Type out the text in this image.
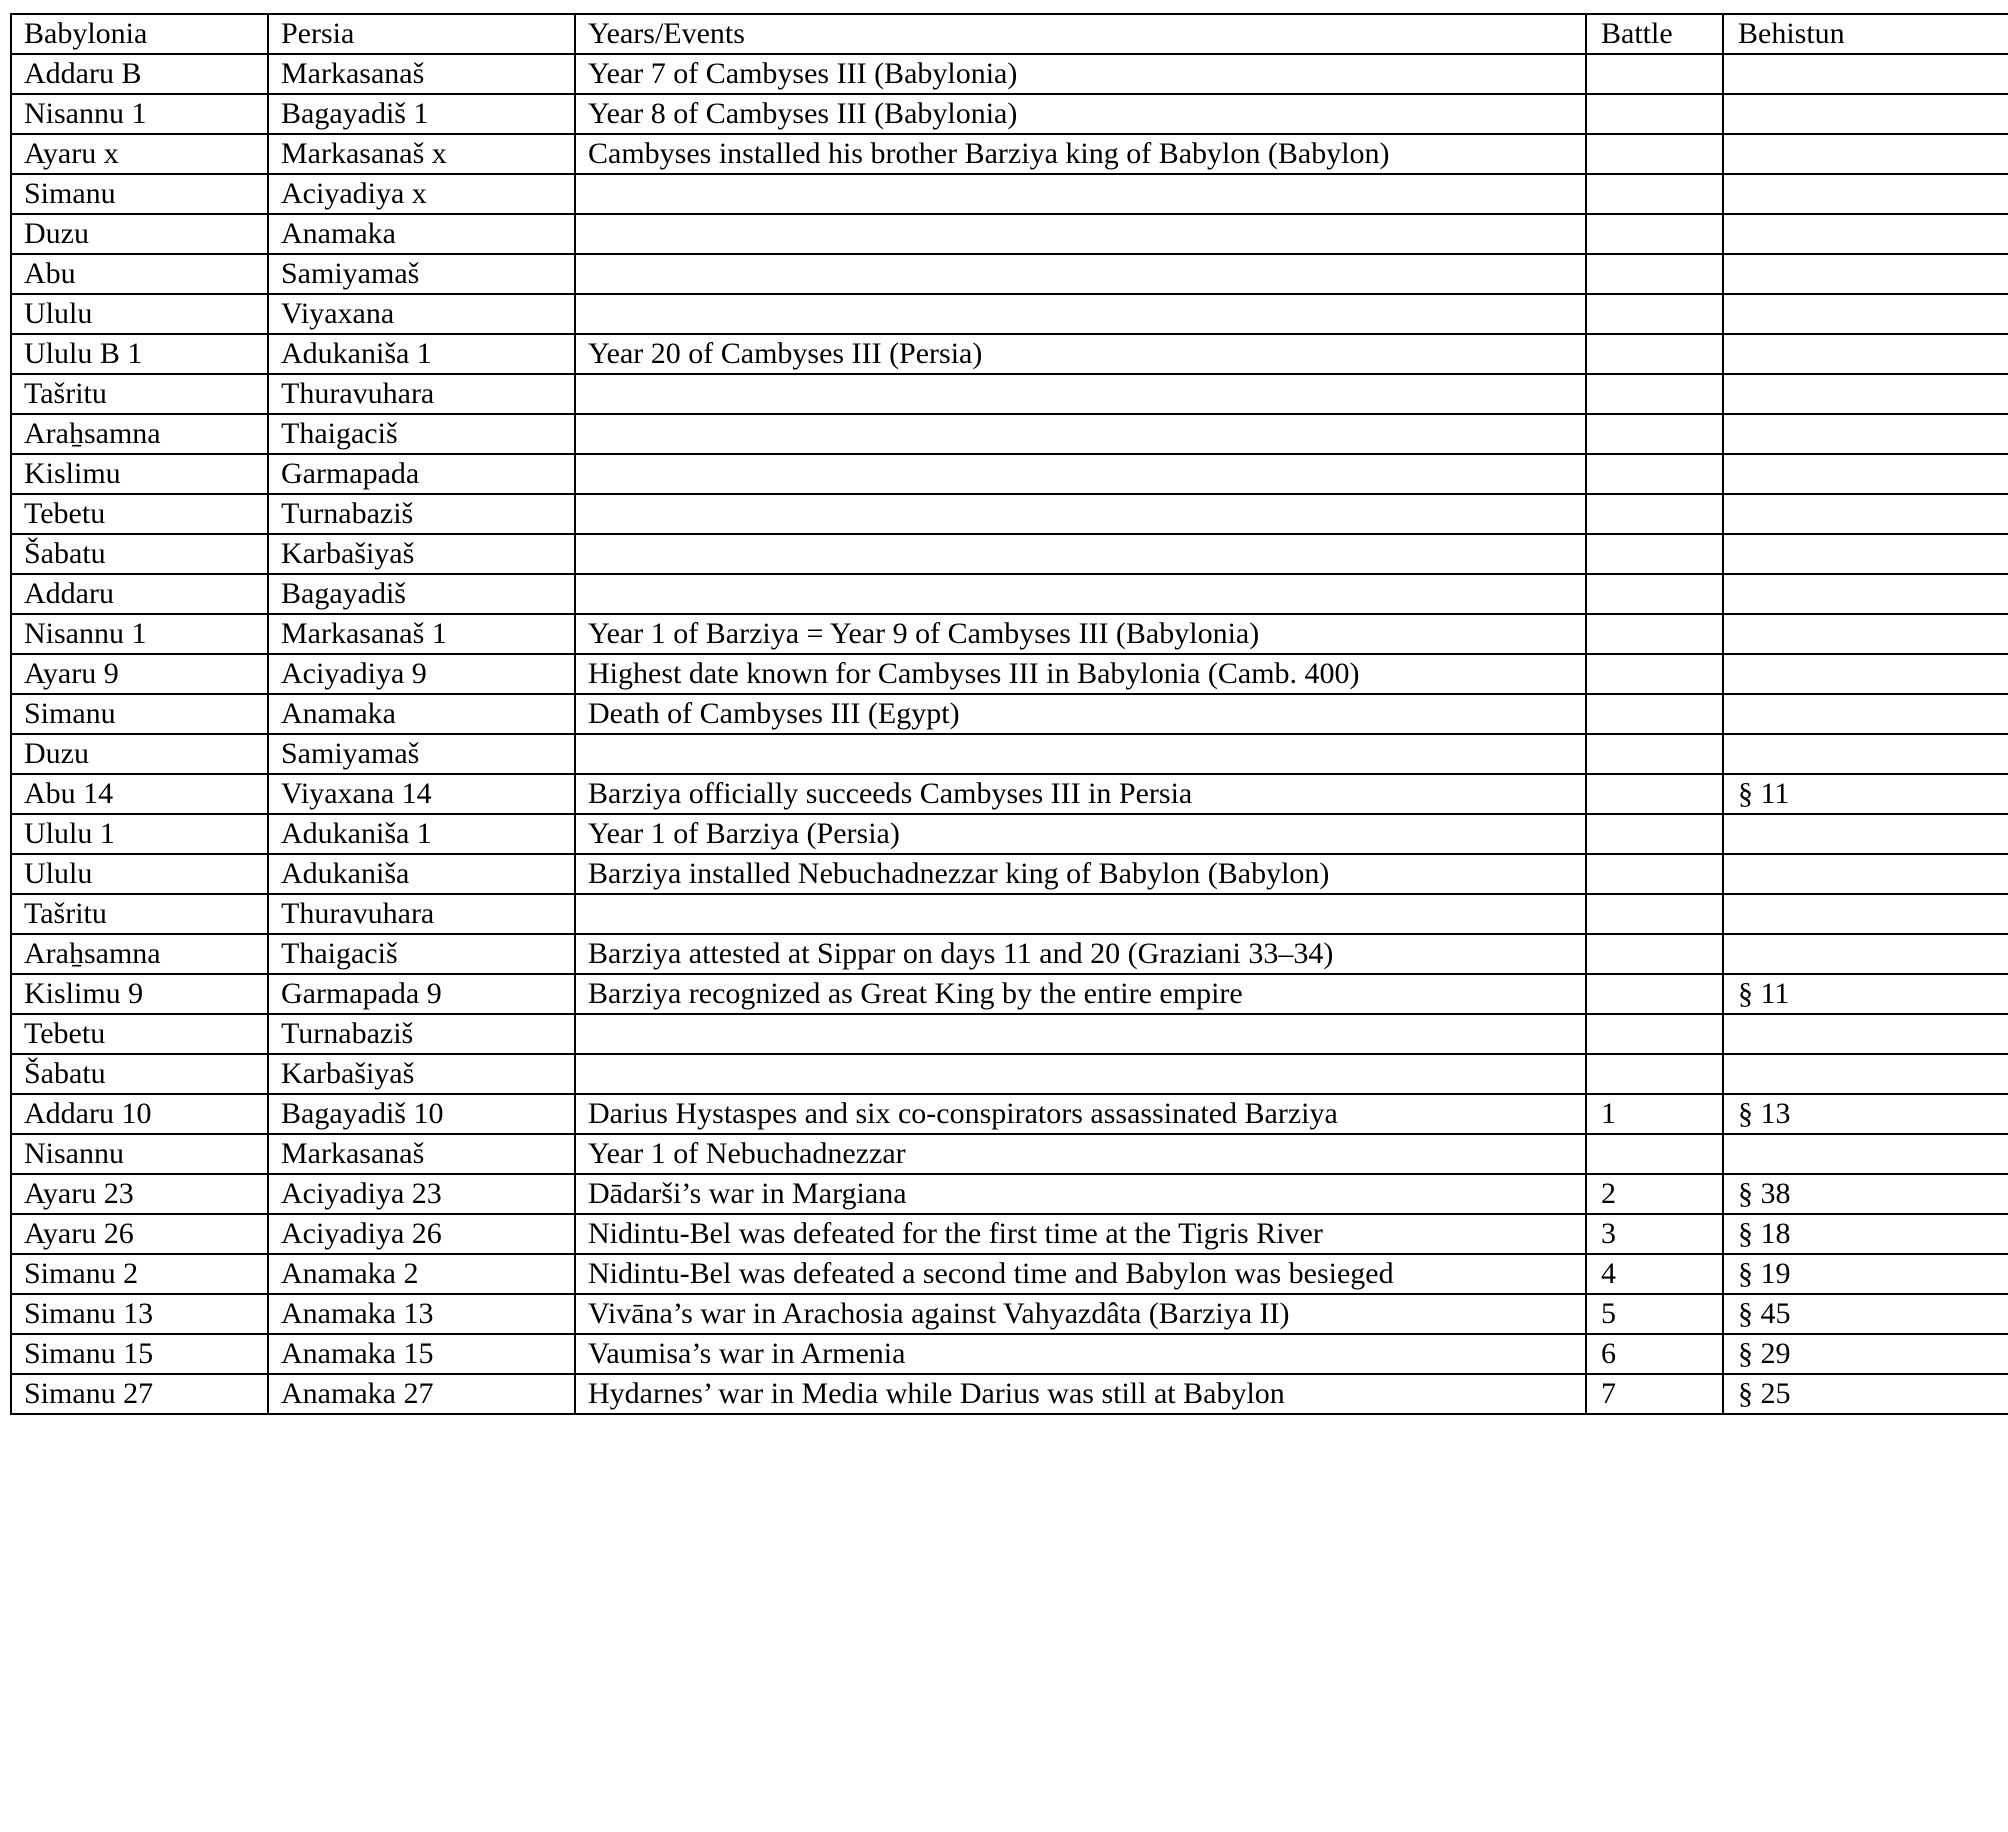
Babylonia	Persia	Years/Events	Battle	Behistun
Addaru B	Markasanaš	Year 7 of Cambyses III (Babylonia)		
Nisannu 1	Bagayadiš 1	Year 8 of Cambyses III (Babylonia)		
Ayaru x	Markasanaš x	Cambyses installed his brother Barziya king of Babylon (Babylon)		
Simanu	Aciyadiya x			
Duzu	Anamaka			
Abu	Samiyamaš			
Ululu	Viyaxana			
Ululu B 1	Adukaniša 1	Year 20 of Cambyses III (Persia)		
Tašritu	Thuravuhara			
Araẖsamna	Thaigaciš			
Kislimu	Garmapada			
Tebetu	Turnabaziš			
Šabatu	Karbašiyaš			
Addaru	Bagayadiš			
Nisannu 1	Markasanaš 1	Year 1 of Barziya = Year 9 of Cambyses III (Babylonia)		
Ayaru 9	Aciyadiya 9	Highest date known for Cambyses III in Babylonia (Camb. 400)		
Simanu	Anamaka	Death of Cambyses III (Egypt)		
Duzu	Samiyamaš			
Abu 14	Viyaxana 14	Barziya officially succeeds Cambyses III in Persia		§ 11
Ululu 1	Adukaniša 1	Year 1 of Barziya (Persia)		
Ululu	Adukaniša	Barziya installed Nebuchadnezzar king of Babylon (Babylon)		
Tašritu	Thuravuhara			
Araẖsamna	Thaigaciš	Barziya attested at Sippar on days 11 and 20 (Graziani 33–34)		
Kislimu 9	Garmapada 9	Barziya recognized as Great King by the entire empire		§ 11
Tebetu	Turnabaziš			
Šabatu	Karbašiyaš			
Addaru 10	Bagayadiš 10	Darius Hystaspes and six co-conspirators assassinated Barziya	1	§ 13
Nisannu	Markasanaš	Year 1 of Nebuchadnezzar		
Ayaru 23	Aciyadiya 23	Dādarši’s war in Margiana	2	§ 38
Ayaru 26	Aciyadiya 26	Nidintu-Bel was defeated for the first time at the Tigris River	3	§ 18
Simanu 2	Anamaka 2	Nidintu-Bel was defeated a second time and Babylon was besieged	4	§ 19
Simanu 13	Anamaka 13	Vivāna’s war in Arachosia against Vahyazdâta (Barziya II)	5	§ 45
Simanu 15	Anamaka 15	Vaumisa’s war in Armenia	6	§ 29
Simanu 27	Anamaka 27	Hydarnes’ war in Media while Darius was still at Babylon	7	§ 25
